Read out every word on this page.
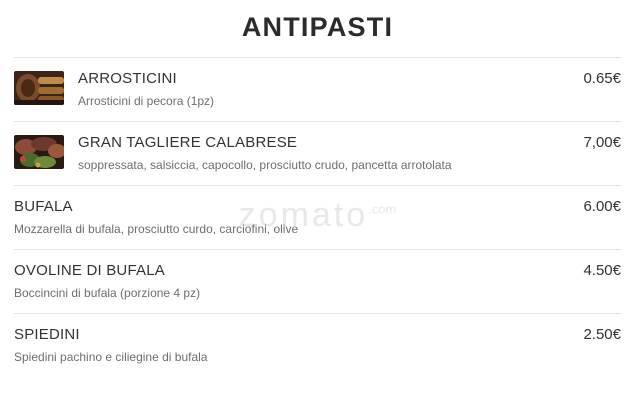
ANTIPASTI
zomato$^{.com}$
ARROSTICINI
Arrosticini di pecora (1pz)
0.65€
GRAN TAGLIERE CALABRESE
soppressata, salsiccia, capocollo, prosciutto crudo, pancetta arrotolata
7,00€
BUFALA
Mozzarella di bufala, prosciutto curdo, carciofini, olive
6.00€
OVOLINE DI BUFALA
Boccincini di bufala (porzione 4 pz)
4.50€
SPIEDINI
Spiedini pachino e ciliegine di bufala
2.50€
